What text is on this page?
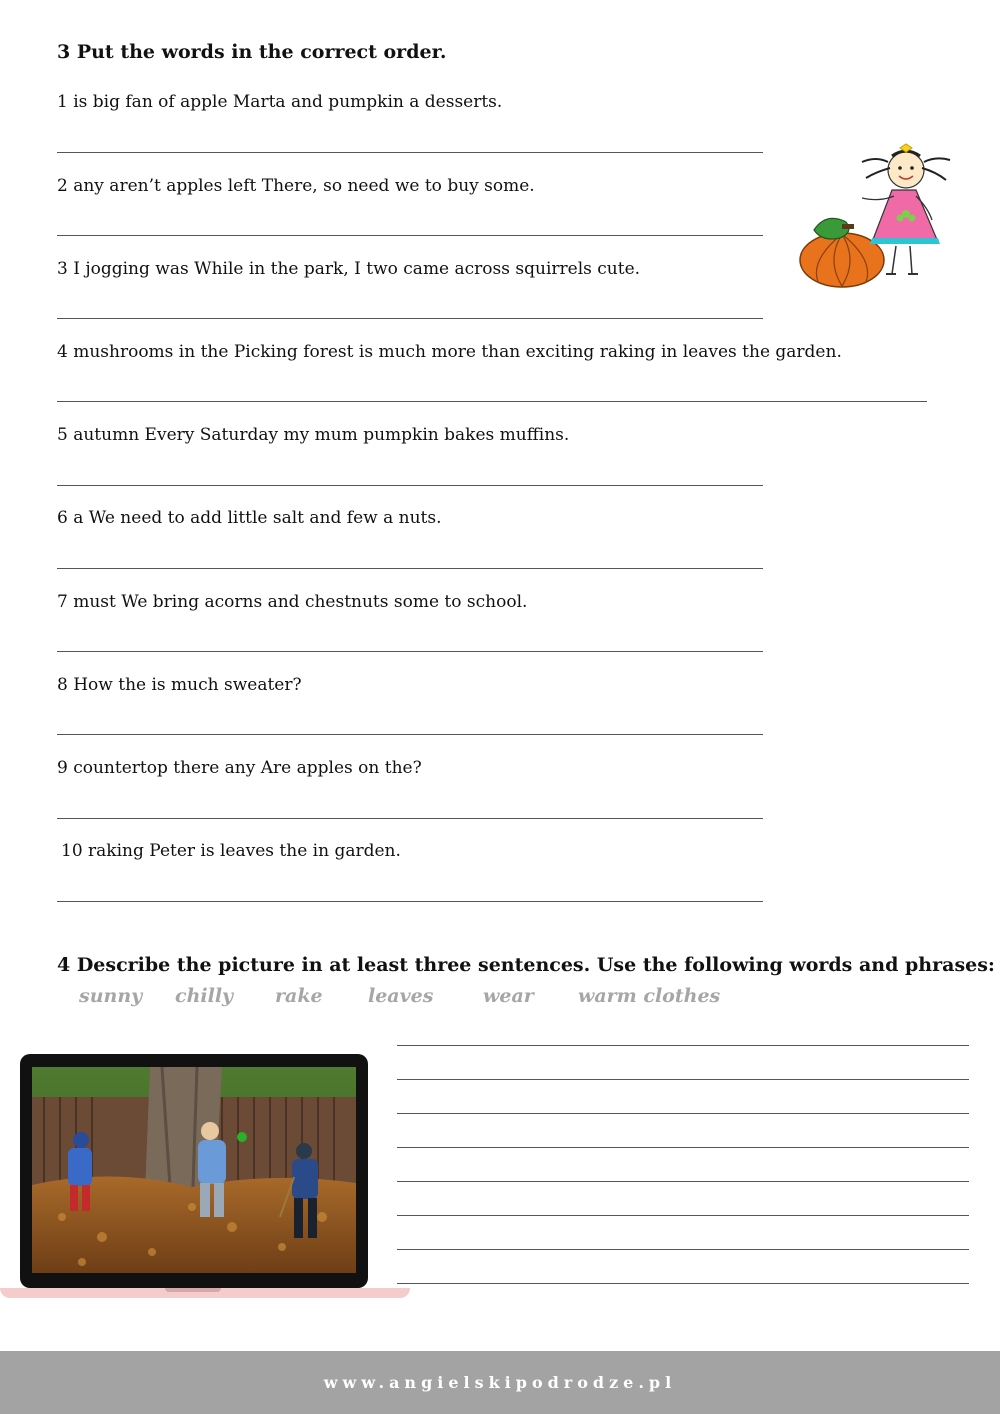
3 Put the words in the correct order.
1 is big fan of apple Marta and pumpkin a desserts.
2 any aren’t apples left There, so need we to buy some.
3 I jogging was While in the park, I two came across squirrels cute.
4 mushrooms in the Picking forest is much more than exciting raking in leaves the garden.
5 autumn Every Saturday my mum pumpkin bakes muffins.
6 a We need to add little salt and few a nuts.
7 must We bring acorns and chestnuts some to school.
8 How the is much sweater?
9 countertop there any Are apples on the?
10 raking Peter is leaves the in garden.
4 Describe the picture in at least three sentences. Use the following words and phrases:
sunny chilly rake leaves	wear warm clothes
www.angielskipodrodze.pl
